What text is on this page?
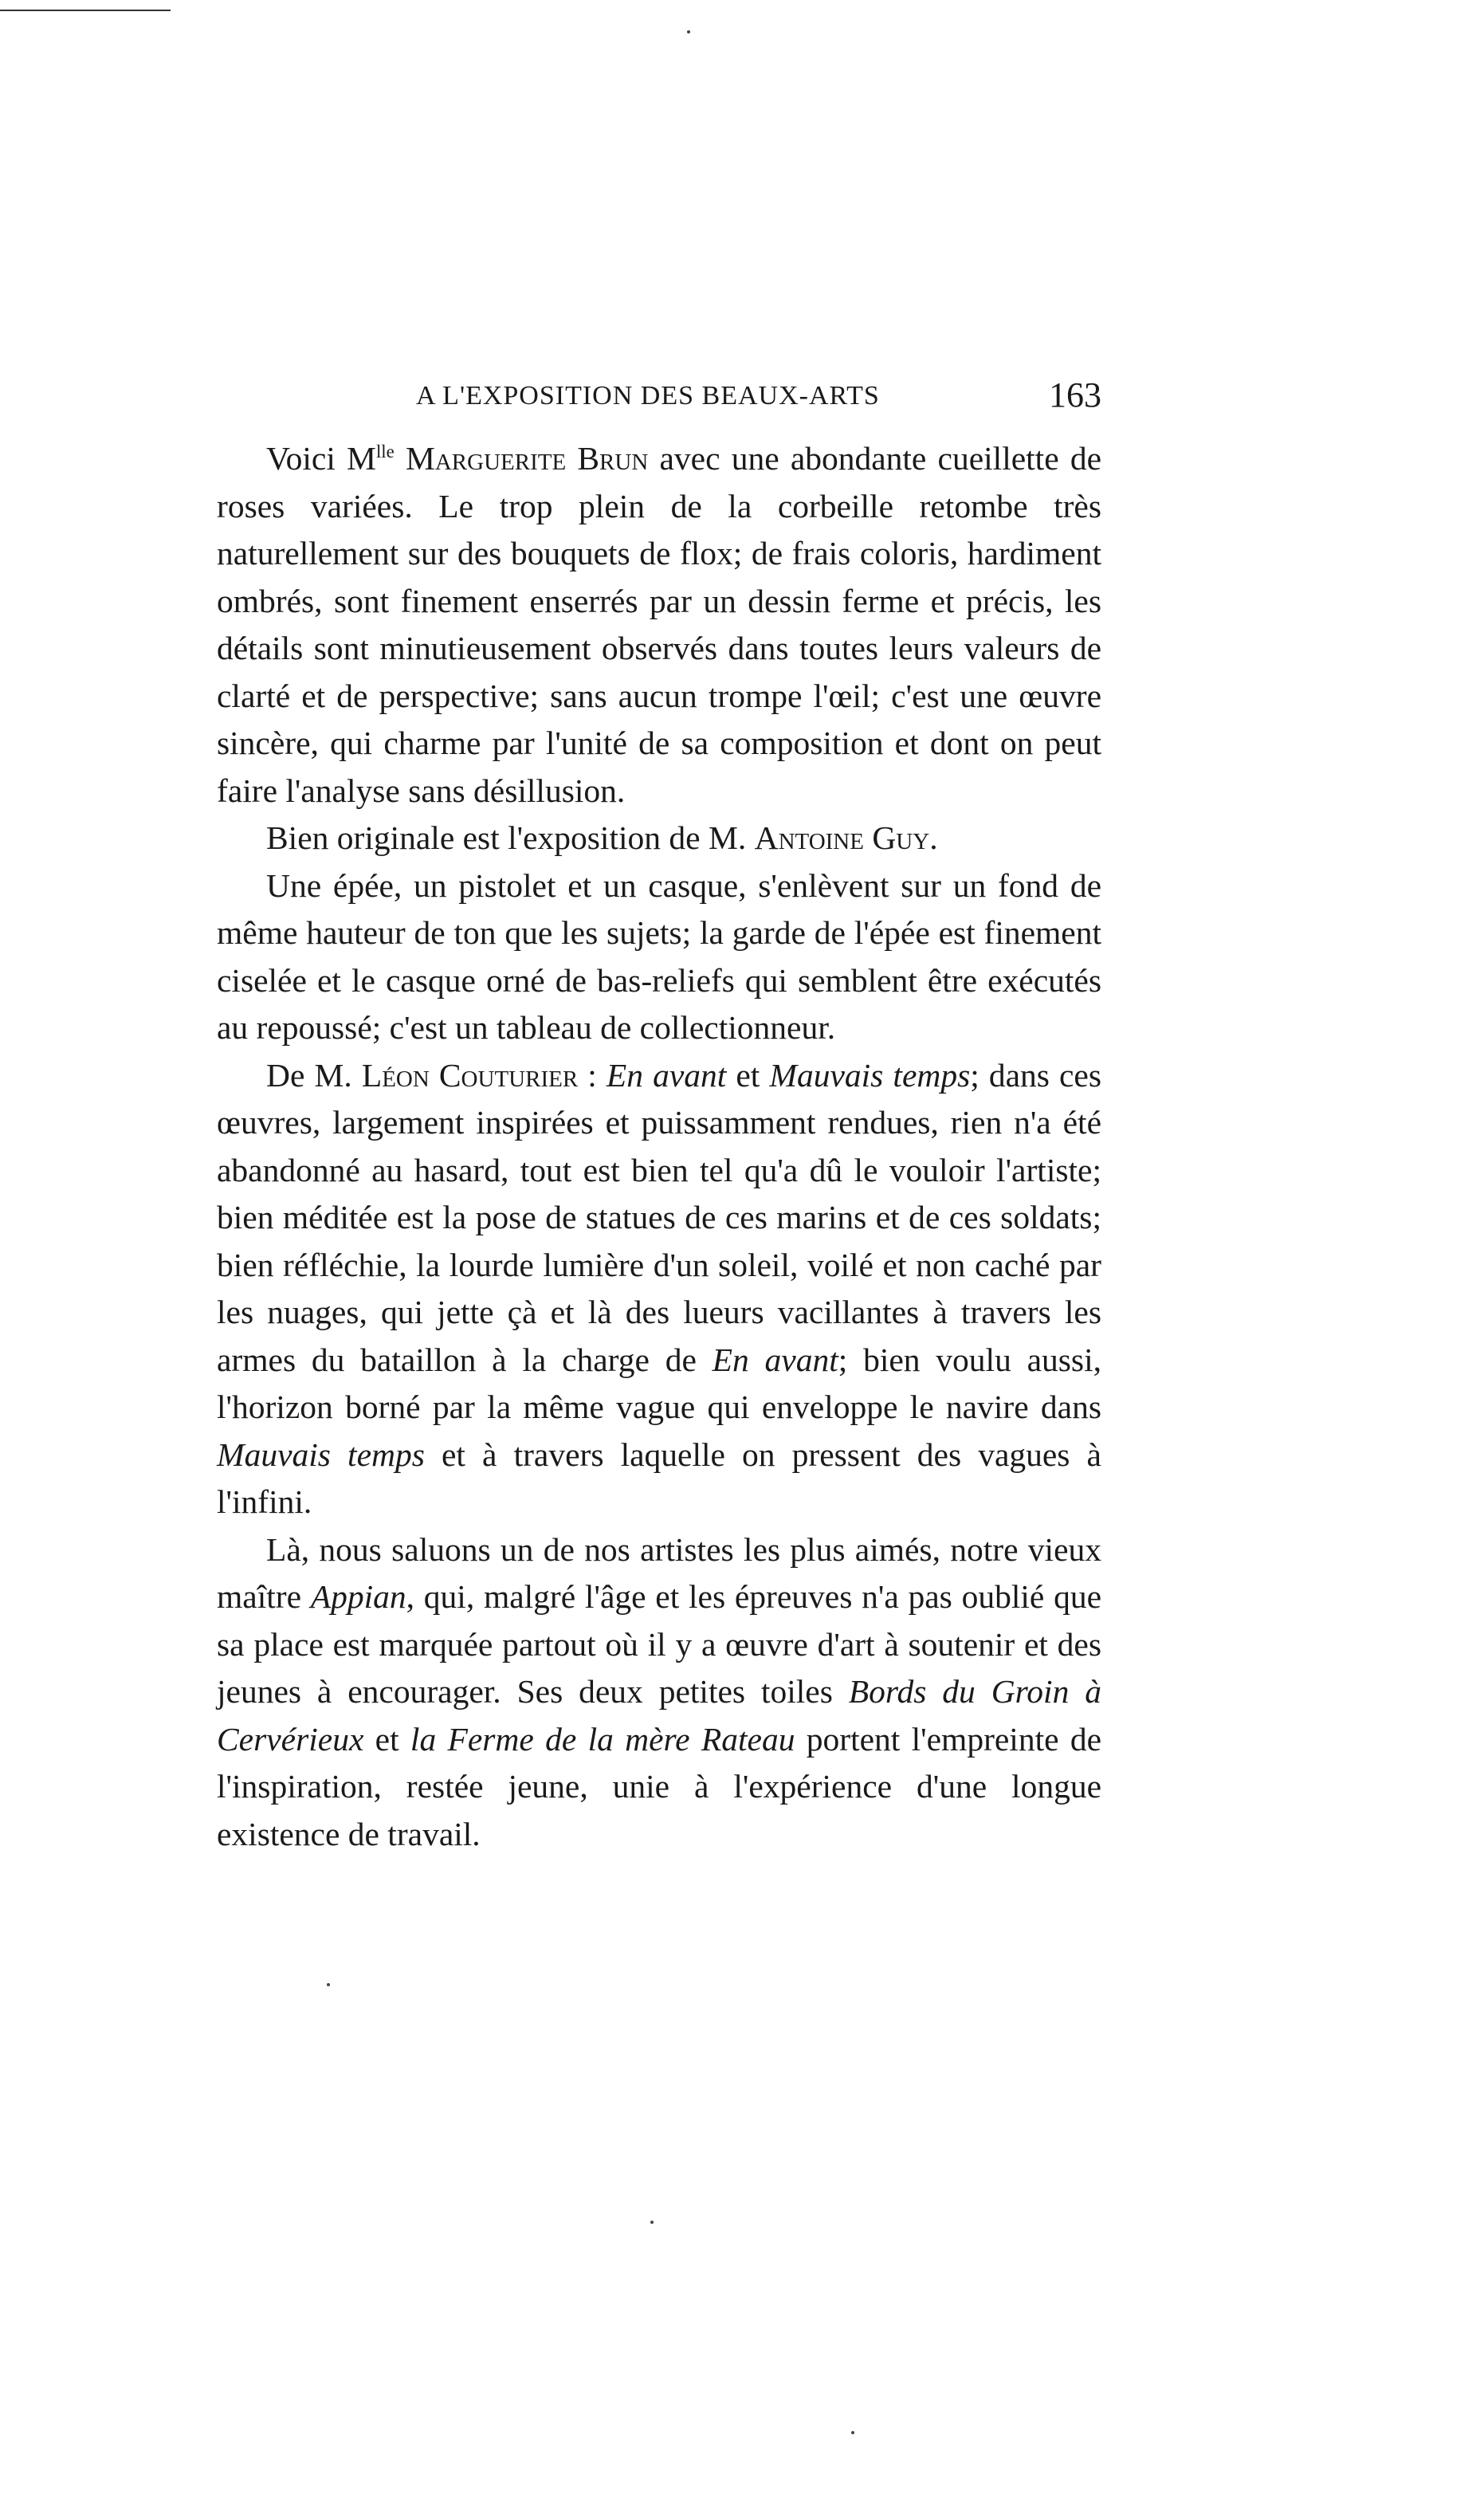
A L'EXPOSITION DES BEAUX-ARTS	163

Voici $M^{lle}$ Marguerite Brun avec une abondante cueillette de roses variées. Le trop plein de la corbeille retombe très naturellement sur des bouquets de flox; de frais coloris, hardiment ombrés, sont finement enserrés par un dessin ferme et précis, les détails sont minutieusement observés dans toutes leurs valeurs de clarté et de perspective; sans aucun trompe l'œil; c'est une œuvre sincère, qui charme par l'unité de sa composition et dont on peut faire l'analyse sans désillusion.

Bien originale est l'exposition de M. Antoine Guy.

Une épée, un pistolet et un casque, s'enlèvent sur un fond de même hauteur de ton que les sujets; la garde de l'épée est finement ciselée et le casque orné de bas-reliefs qui semblent être exécutés au repoussé; c'est un tableau de collectionneur.

De M. Léon Couturier : En avant et Mauvais temps; dans ces œuvres, largement inspirées et puissamment rendues, rien n'a été abandonné au hasard, tout est bien tel qu'a dû le vouloir l'artiste; bien méditée est la pose de statues de ces marins et de ces soldats; bien réfléchie, la lourde lumière d'un soleil, voilé et non caché par les nuages, qui jette çà et là des lueurs vacillantes à travers les armes du bataillon à la charge de En avant; bien voulu aussi, l'horizon borné par la même vague qui enveloppe le navire dans Mauvais temps et à travers laquelle on pressent des vagues à l'infini.

Là, nous saluons un de nos artistes les plus aimés, notre vieux maître Appian, qui, malgré l'âge et les épreuves n'a pas oublié que sa place est marquée partout où il y a œuvre d'art à soutenir et des jeunes à encourager. Ses deux petites toiles Bords du Groin à Cervérieux et la Ferme de la mère Rateau portent l'empreinte de l'inspiration, restée jeune, unie à l'expérience d'une longue existence de travail.
